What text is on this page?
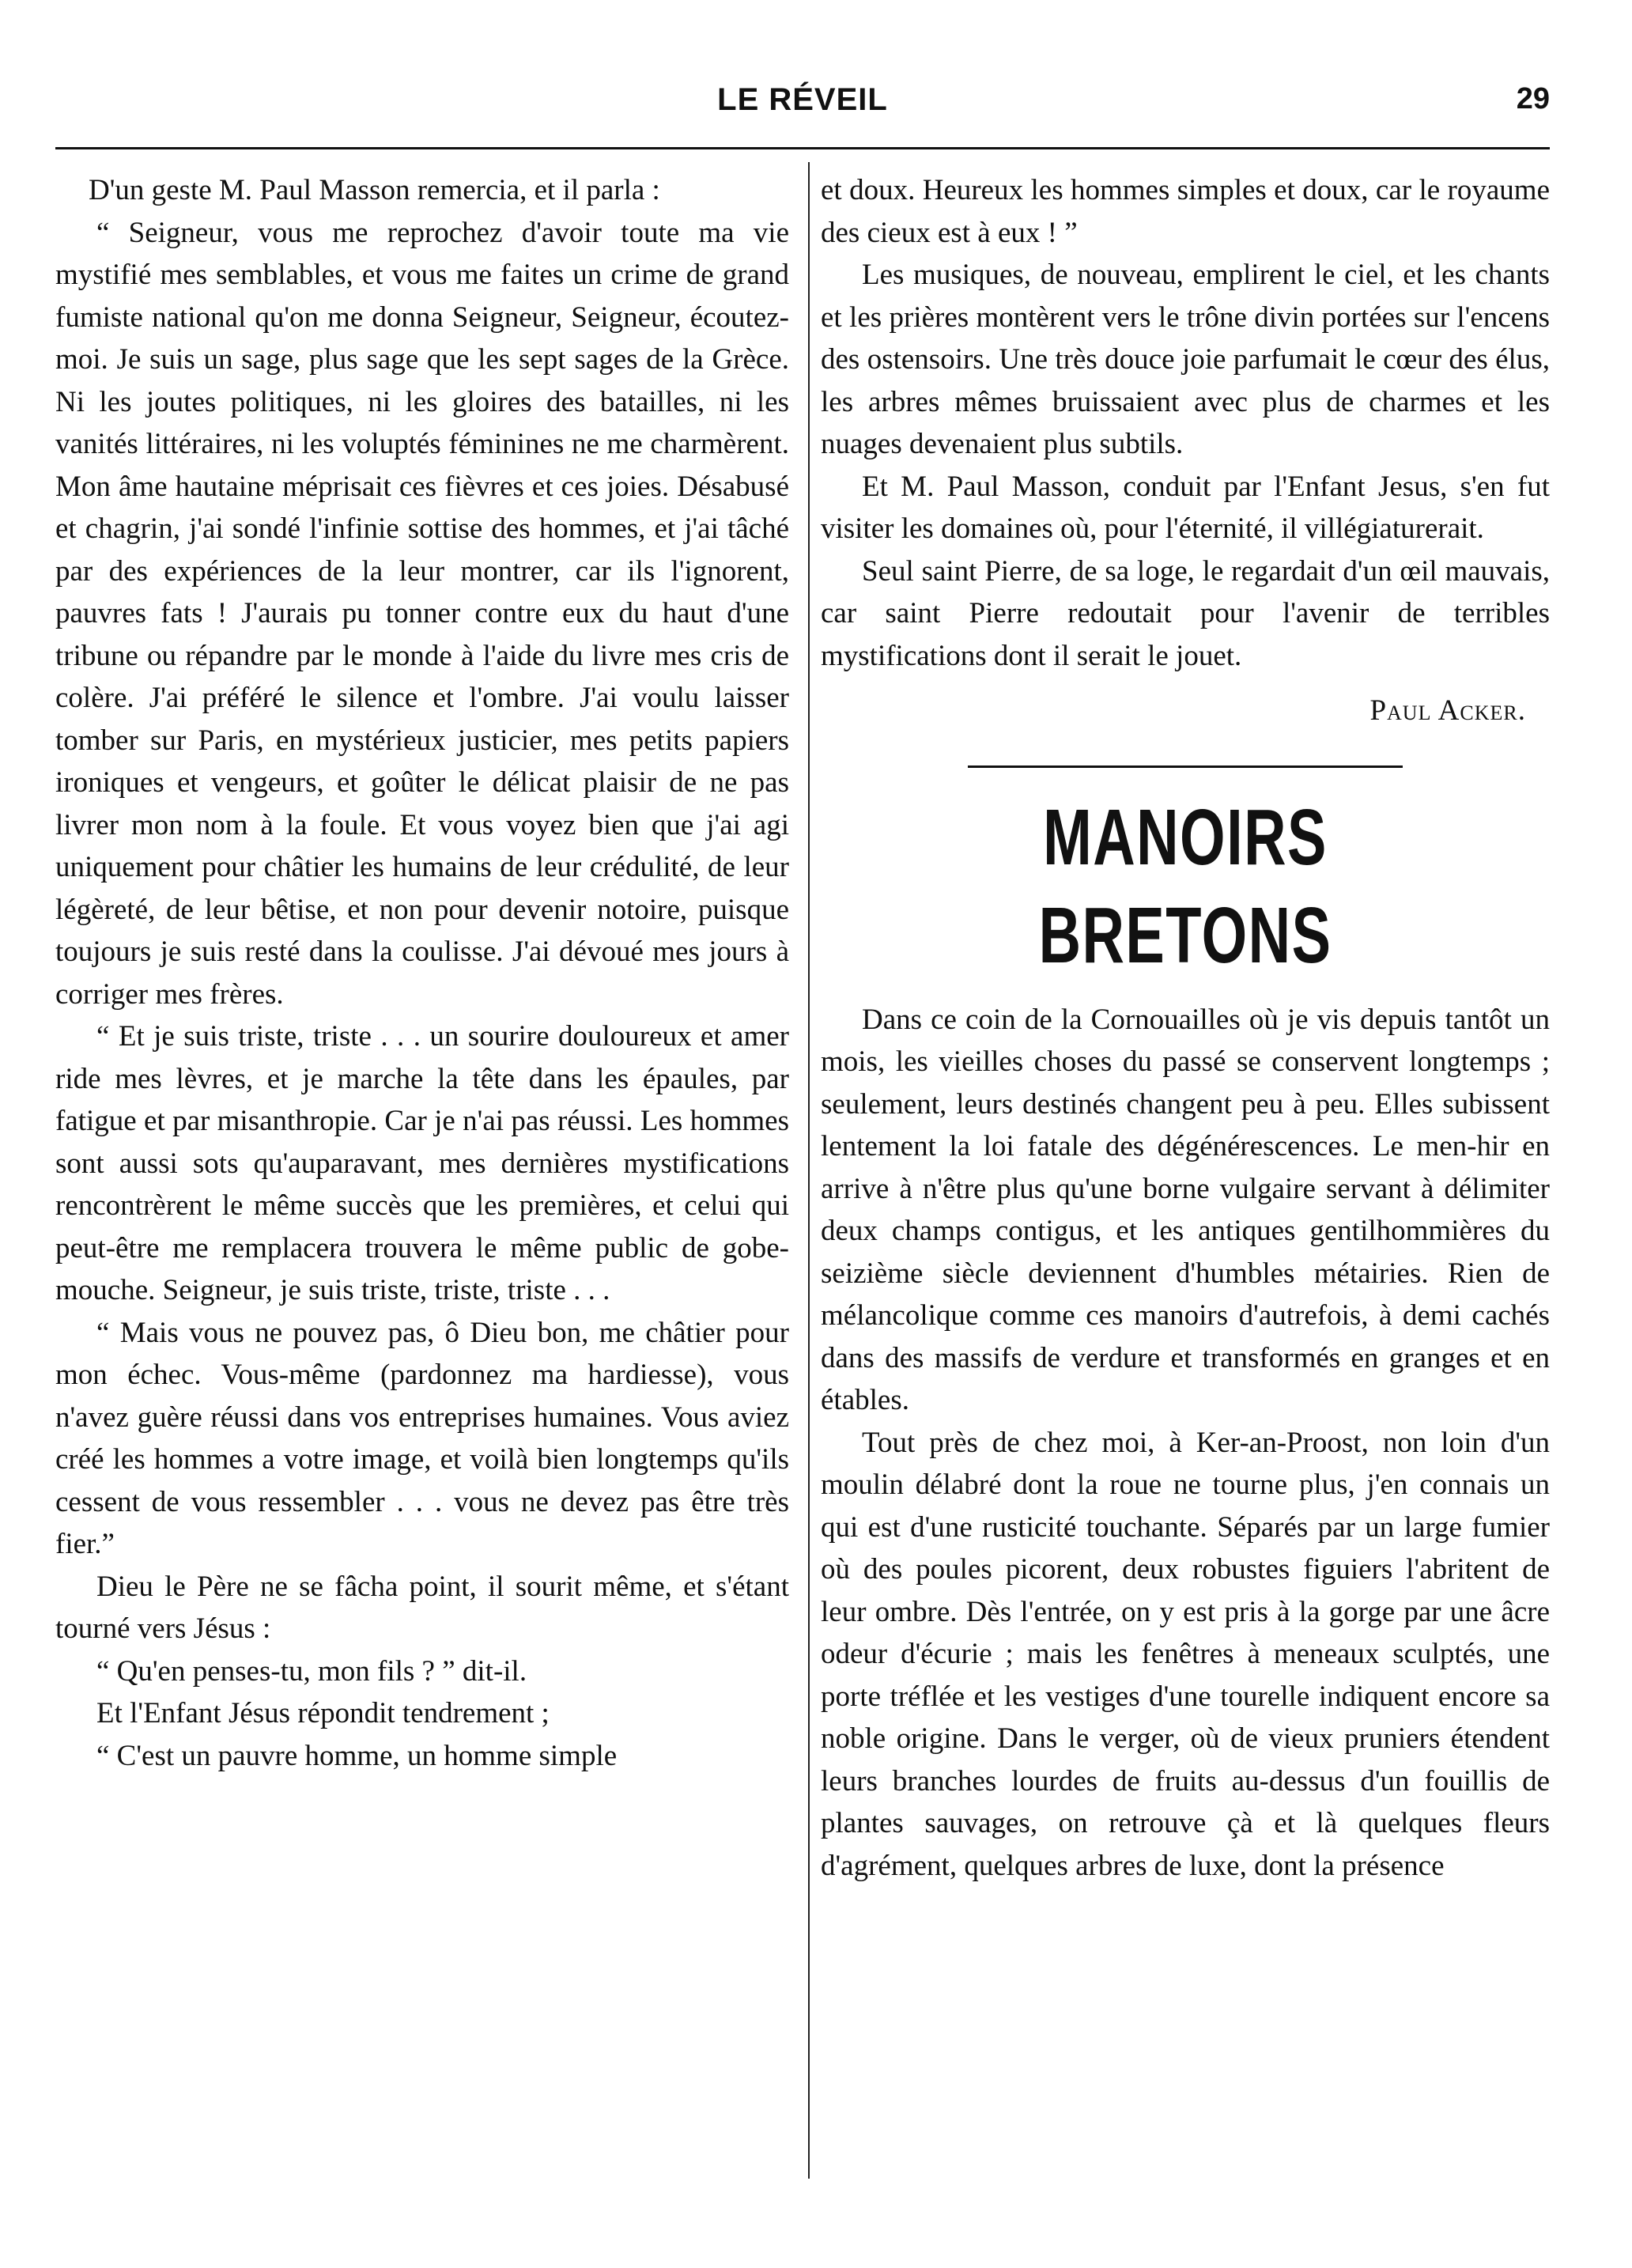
LE RÉVEIL	29

D'un geste M. Paul Masson remercia, et il parla :

“ Seigneur, vous me reprochez d'avoir toute ma vie mystifié mes semblables, et vous me faites un crime de grand fumiste national qu'on me donna Seigneur, Seigneur, écoutez-moi. Je suis un sage, plus sage que les sept sages de la Grèce. Ni les joutes politiques, ni les gloires des batailles, ni les vanités littéraires, ni les voluptés féminines ne me charmèrent. Mon âme hautaine méprisait ces fièvres et ces joies. Désabusé et chagrin, j'ai sondé l'infinie sottise des hommes, et j'ai tâché par des expériences de la leur montrer, car ils l'ignorent, pauvres fats ! J'aurais pu tonner contre eux du haut d'une tribune ou répandre par le monde à l'aide du livre mes cris de colère. J'ai préféré le silence et l'ombre. J'ai voulu laisser tomber sur Paris, en mystérieux justicier, mes petits papiers ironiques et vengeurs, et goûter le délicat plaisir de ne pas livrer mon nom à la foule. Et vous voyez bien que j'ai agi uniquement pour châtier les humains de leur crédulité, de leur légèreté, de leur bêtise, et non pour devenir notoire, puisque toujours je suis resté dans la coulisse. J'ai dévoué mes jours à corriger mes frères.

“ Et je suis triste, triste . . . un sourire douloureux et amer ride mes lèvres, et je marche la tête dans les épaules, par fatigue et par misanthropie. Car je n'ai pas réussi. Les hommes sont aussi sots qu'auparavant, mes dernières mystifications rencontrèrent le même succès que les premières, et celui qui peut-être me remplacera trouvera le même public de gobe-mouche. Seigneur, je suis triste, triste, triste . . .

“ Mais vous ne pouvez pas, ô Dieu bon, me châtier pour mon échec. Vous-même (pardonnez ma hardiesse), vous n'avez guère réussi dans vos entreprises humaines. Vous aviez créé les hommes a votre image, et voilà bien longtemps qu'ils cessent de vous ressembler . . . vous ne devez pas être très fier.”

Dieu le Père ne se fâcha point, il sourit même, et s'étant tourné vers Jésus :

“ Qu'en penses-tu, mon fils ? ” dit-il.

Et l'Enfant Jésus répondit tendrement ;

“ C'est un pauvre homme, un homme simple

et doux. Heureux les hommes simples et doux, car le royaume des cieux est à eux ! ”

Les musiques, de nouveau, emplirent le ciel, et les chants et les prières montèrent vers le trône divin portées sur l'encens des ostensoirs. Une très douce joie parfumait le cœur des élus, les arbres mêmes bruissaient avec plus de charmes et les nuages devenaient plus subtils.

Et M. Paul Masson, conduit par l'Enfant Jesus, s'en fut visiter les domaines où, pour l'éternité, il villégiaturerait.

Seul saint Pierre, de sa loge, le regardait d'un œil mauvais, car saint Pierre redoutait pour l'avenir de terribles mystifications dont il serait le jouet.

Paul Acker.
MANOIRS BRETONS

Dans ce coin de la Cornouailles où je vis depuis tantôt un mois, les vieilles choses du passé se conservent longtemps ; seulement, leurs destinés changent peu à peu. Elles subissent lentement la loi fatale des dégénérescences. Le men-hir en arrive à n'être plus qu'une borne vulgaire servant à délimiter deux champs contigus, et les antiques gentilhommières du seizième siècle deviennent d'humbles métairies. Rien de mélancolique comme ces manoirs d'autrefois, à demi cachés dans des massifs de verdure et transformés en granges et en étables.

Tout près de chez moi, à Ker-an-Proost, non loin d'un moulin délabré dont la roue ne tourne plus, j'en connais un qui est d'une rusticité touchante. Séparés par un large fumier où des poules picorent, deux robustes figuiers l'abritent de leur ombre. Dès l'entrée, on y est pris à la gorge par une âcre odeur d'écurie ; mais les fenêtres à meneaux sculptés, une porte tréflée et les vestiges d'une tourelle indiquent encore sa noble origine. Dans le verger, où de vieux pruniers étendent leurs branches lourdes de fruits au-dessus d'un fouillis de plantes sauvages, on retrouve çà et là quelques fleurs d'agrément, quelques arbres de luxe, dont la présence
